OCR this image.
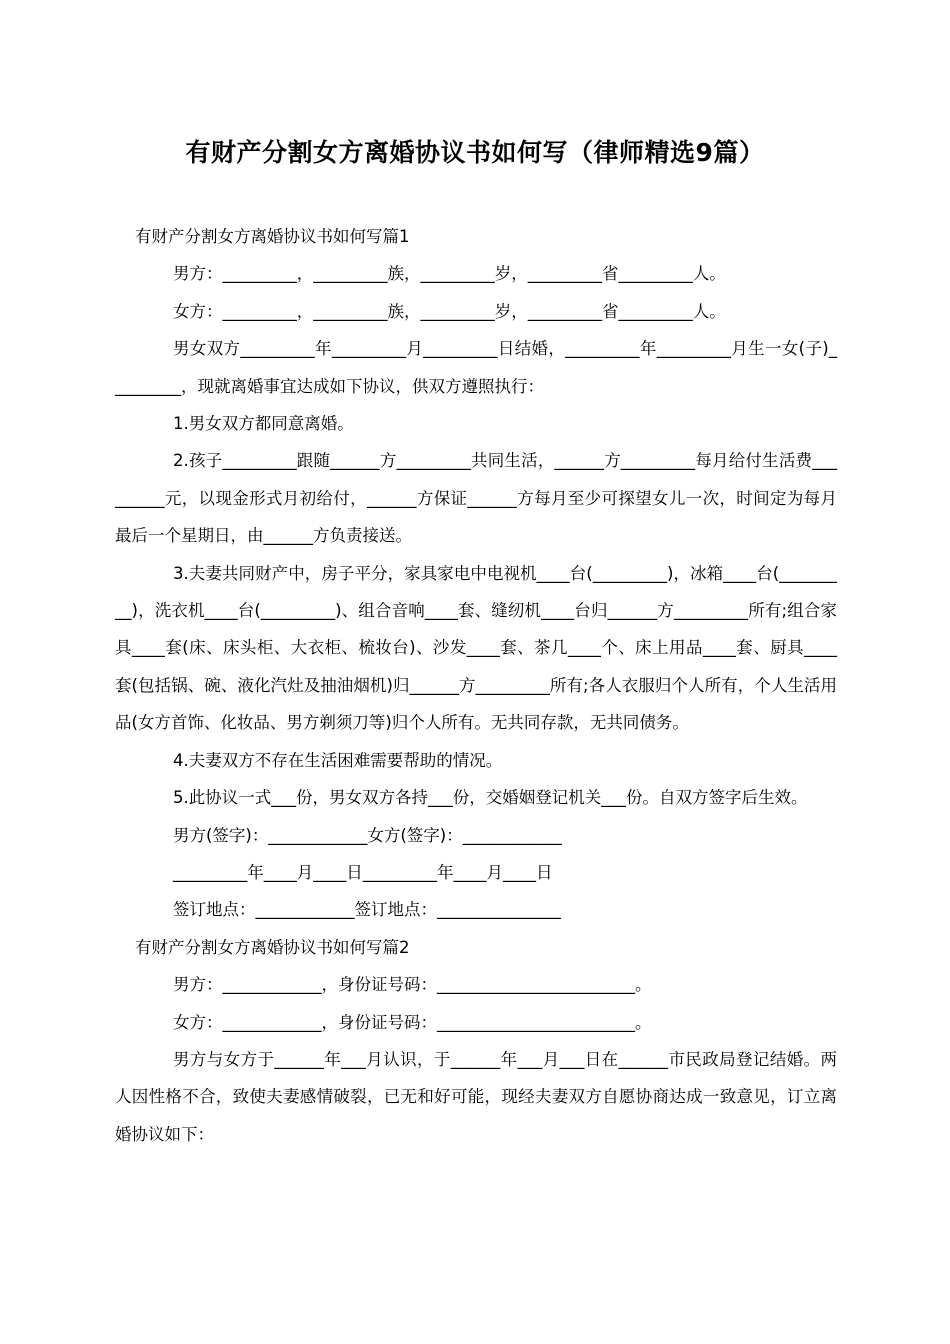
有财产分割女方离婚协议书如何写（律师精选9篇）

有财产分割女方离婚协议书如何写篇1

男方：_________，_________族，_________岁，_________省_________人。

女方：_________，_________族，_________岁，_________省_________人。

男女双方_________年_________月_________日结婚，_________年_________月生一女(子)_________，现就离婚事宜达成如下协议，供双方遵照执行：

1.男女双方都同意离婚。

2.孩子_________跟随______方_________共同生活，______方_________每月给付生活费_________元，以现金形式月初给付，______方保证______方每月至少可探望女儿一次，时间定为每月最后一个星期日，由______方负责接送。

3.夫妻共同财产中，房子平分，家具家电中电视机____台(_________)，冰箱____台(_________)，洗衣机____台(_________)、组合音响____套、缝纫机____台归______方_________所有;组合家具____套(床、床头柜、大衣柜、梳妆台)、沙发____套、茶几____个、床上用品____套、厨具____套(包括锅、碗、液化汽灶及抽油烟机)归______方_________所有;各人衣服归个人所有，个人生活用品(女方首饰、化妆品、男方剃须刀等)归个人所有。无共同存款，无共同债务。

4.夫妻双方不存在生活困难需要帮助的情况。

5.此协议一式___份，男女双方各持___份，交婚姻登记机关___份。自双方签字后生效。

男方(签字)：____________女方(签字)：____________

_________年____月____日_________年____月____日

签订地点：____________签订地点：_______________

有财产分割女方离婚协议书如何写篇2

男方：____________，身份证号码：________________________。

女方：____________，身份证号码：________________________。

男方与女方于______年___月认识，于______年___月___日在______市民政局登记结婚。两人因性格不合，致使夫妻感情破裂，已无和好可能，现经夫妻双方自愿协商达成一致意见，订立离婚协议如下：
